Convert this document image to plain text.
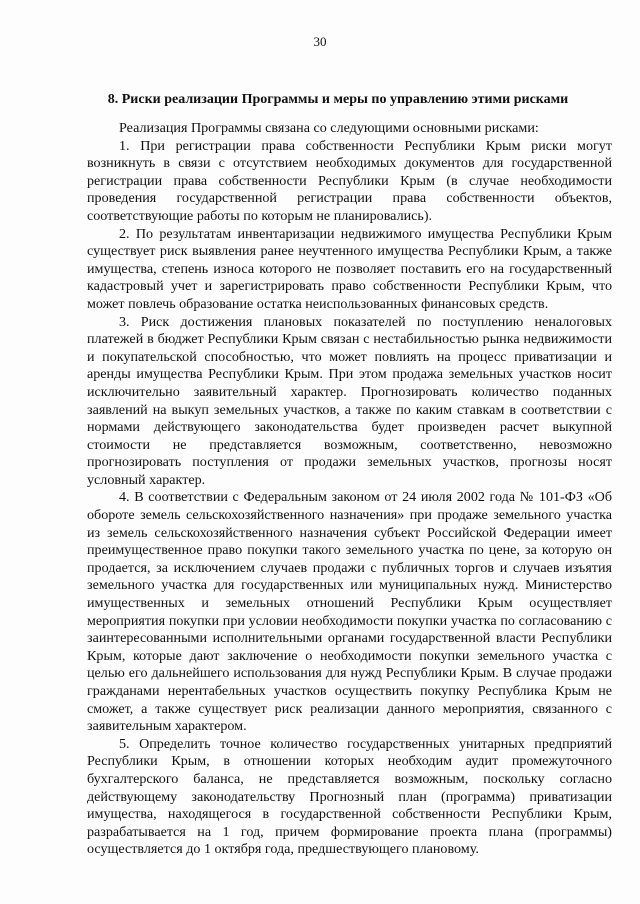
30
8. Риски реализации Программы и меры по управлению этими рисками

Реализация Программы связана со следующими основными рисками:

1. При регистрации права собственности Республики Крым риски могут возникнуть в связи с отсутствием необходимых документов для государственной регистрации права собственности Республики Крым (в случае необходимости проведения государственной регистрации права собственности объектов, соответствующие работы по которым не планировались).

2. По результатам инвентаризации недвижимого имущества Республики Крым существует риск выявления ранее неучтенного имущества Республики Крым, а также имущества, степень износа которого не позволяет поставить его на государственный кадастровый учет и зарегистрировать право собственности Республики Крым, что может повлечь образование остатка неиспользованных финансовых средств.

3. Риск достижения плановых показателей по поступлению неналоговых платежей в бюджет Республики Крым связан с нестабильностью рынка недвижимости и покупательской способностью, что может повлиять на процесс приватизации и аренды имущества Республики Крым. При этом продажа земельных участков носит исключительно заявительный характер. Прогнозировать количество поданных заявлений на выкуп земельных участков, а также по каким ставкам в соответствии с нормами действующего законодательства будет произведен расчет выкупной стоимости не представляется возможным, соответственно, невозможно прогнозировать поступления от продажи земельных участков, прогнозы носят условный характер.

4. В соответствии с Федеральным законом от 24 июля 2002 года № 101-ФЗ «Об обороте земель сельскохозяйственного назначения» при продаже земельного участка из земель сельскохозяйственного назначения субъект Российской Федерации имеет преимущественное право покупки такого земельного участка по цене, за которую он продается, за исключением случаев продажи с публичных торгов и случаев изъятия земельного участка для государственных или муниципальных нужд. Министерство имущественных и земельных отношений Республики Крым осуществляет мероприятия покупки при условии необходимости покупки участка по согласованию с заинтересованными исполнительными органами государственной власти Республики Крым, которые дают заключение о необходимости покупки земельного участка с целью его дальнейшего использования для нужд Республики Крым. В случае продажи гражданами нерентабельных участков осуществить покупку Республика Крым не сможет, а также существует риск реализации данного мероприятия, связанного с заявительным характером.

5. Определить точное количество государственных унитарных предприятий Республики Крым, в отношении которых необходим аудит промежуточного бухгалтерского баланса, не представляется возможным, поскольку согласно действующему законодательству Прогнозный план (программа) приватизации имущества, находящегося в государственной собственности Республики Крым, разрабатывается на 1 год, причем формирование проекта плана (программы) осуществляется до 1 октября года, предшествующего плановому.
